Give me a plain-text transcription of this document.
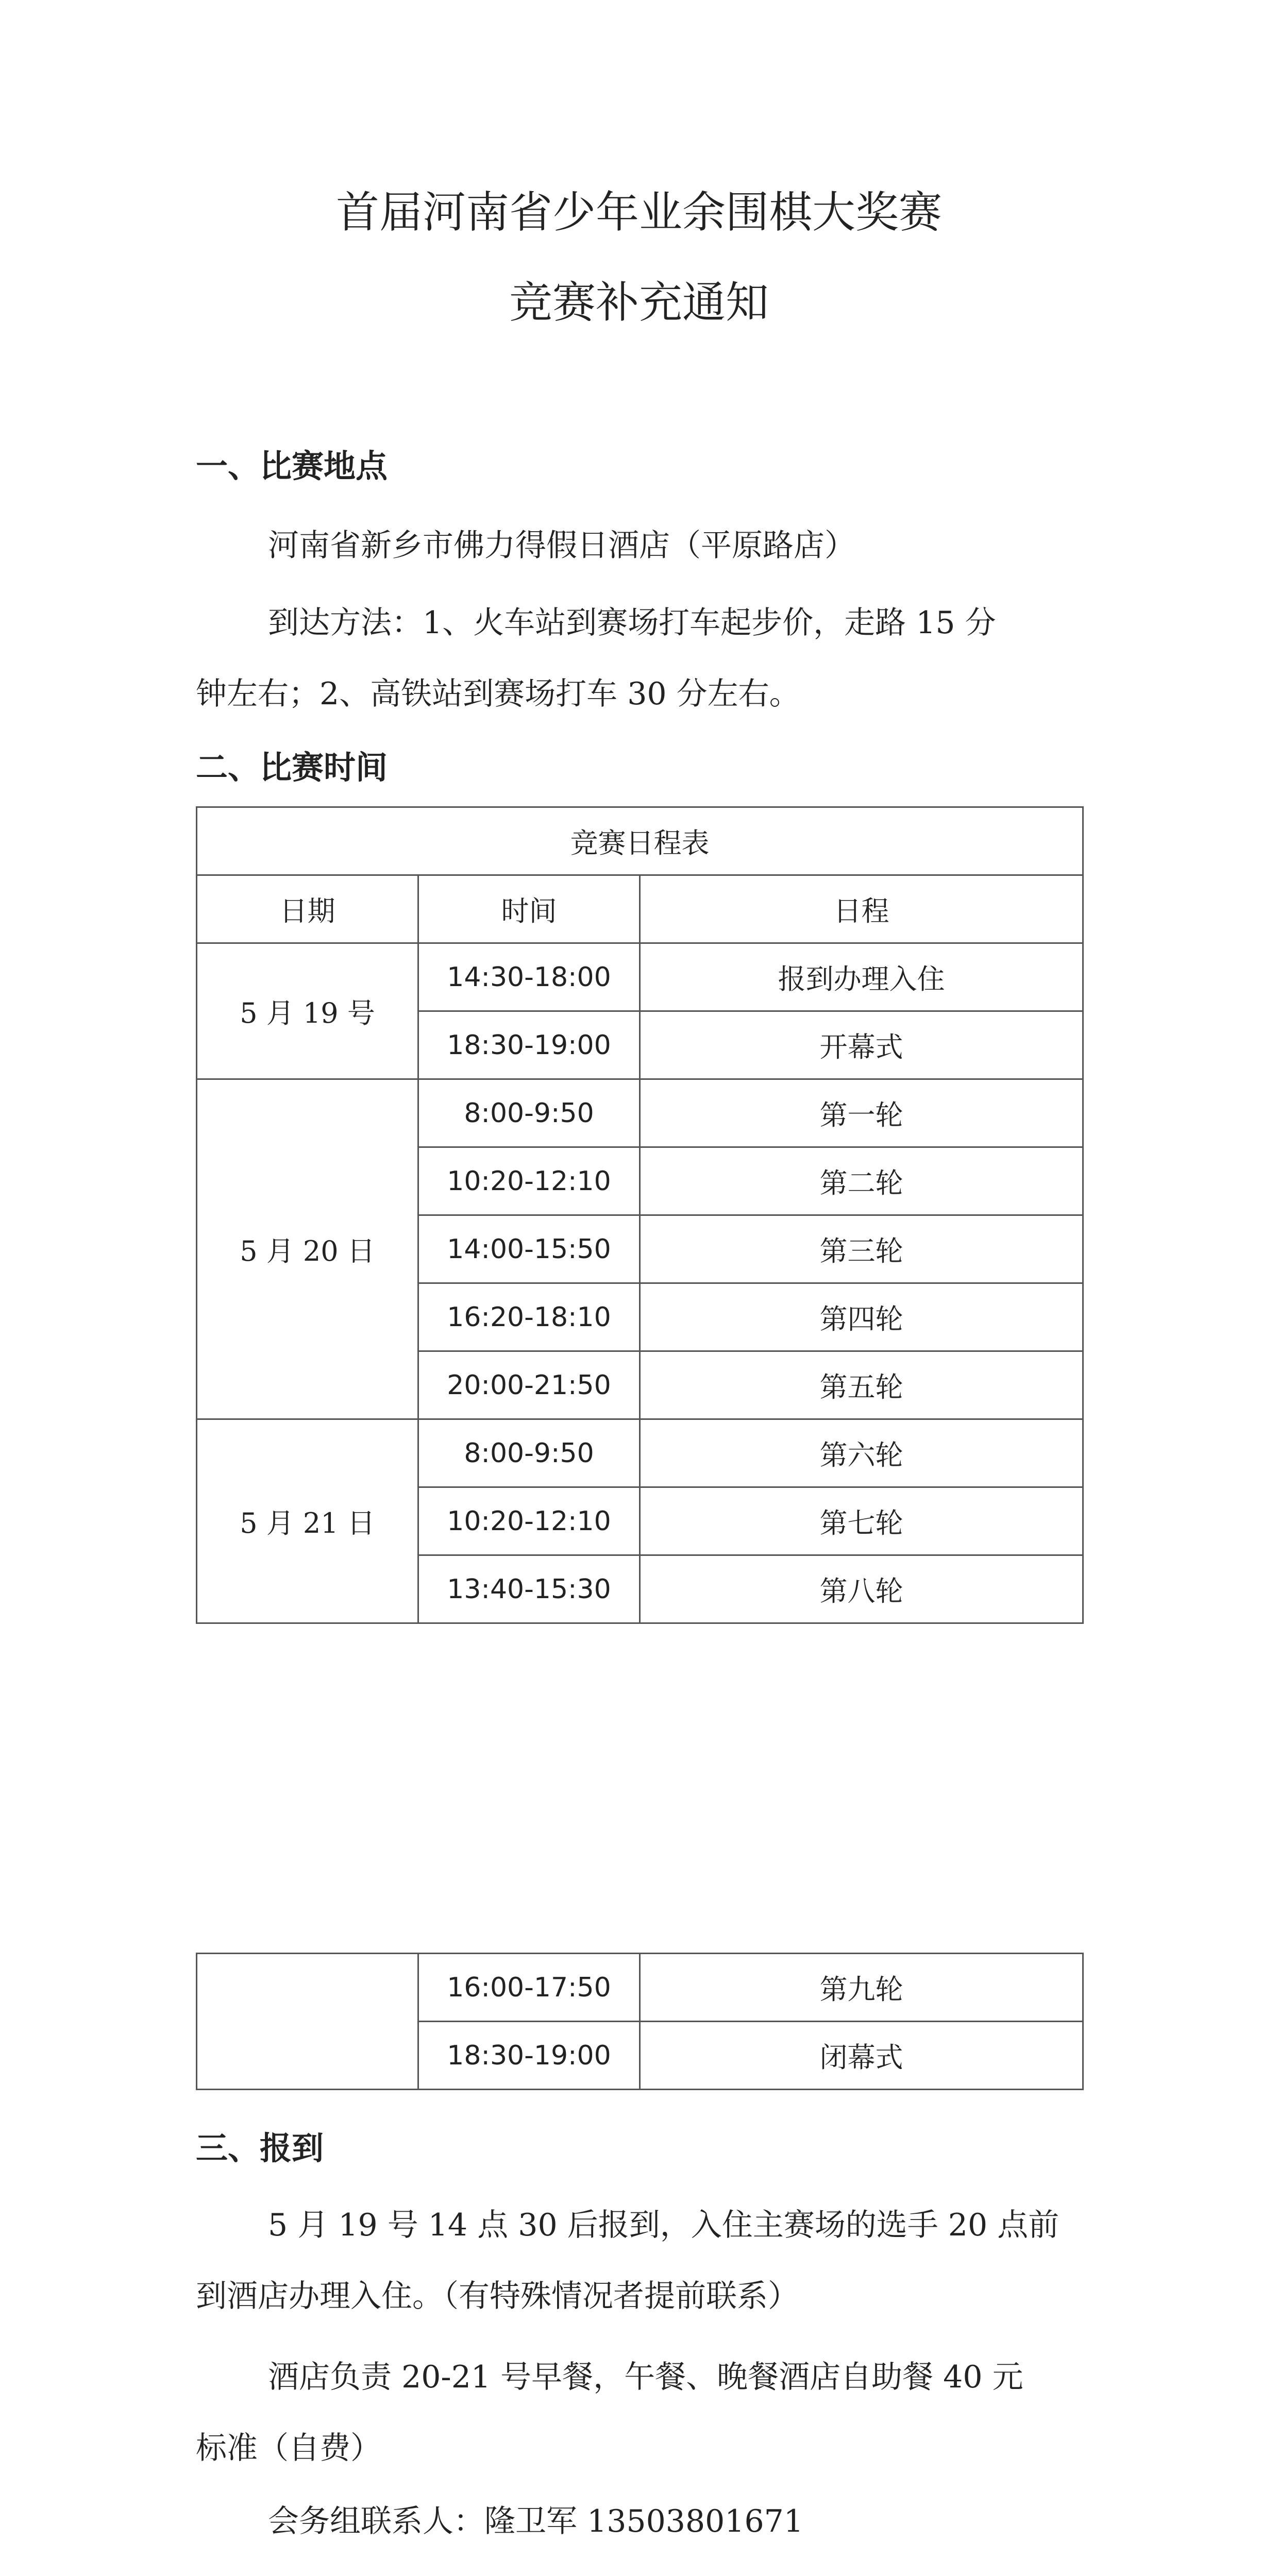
首届河南省少年业余围棋大奖赛
竞赛补充通知
一、比赛地点
河南省新乡市佛力得假日酒店（平原路店）
到达方法：1、火车站到赛场打车起步价，走路 15 分
钟左右；2、高铁站到赛场打车 30 分左右。
二、比赛时间
竞赛日程表		
日期	时间	日程
5 月 19 号	14:30-18:00	报到办理入住
	18:30-19:00	开幕式
5 月 20 日	8:00-9:50	第一轮
	10:20-12:10	第二轮
	14:00-15:50	第三轮
	16:20-18:10	第四轮
	20:00-21:50	第五轮
5 月 21 日	8:00-9:50	第六轮
	10:20-12:10	第七轮
	13:40-15:30	第八轮
	16:00-17:50	第九轮
	18:30-19:00	闭幕式
三、报到
5 月 19 号 14 点 30 后报到，入住主赛场的选手 20 点前
到酒店办理入住。（有特殊情况者提前联系）
酒店负责 20-21 号早餐，午餐、晚餐酒店自助餐 40 元
标准（自费）
会务组联系人：隆卫军 13503801671
